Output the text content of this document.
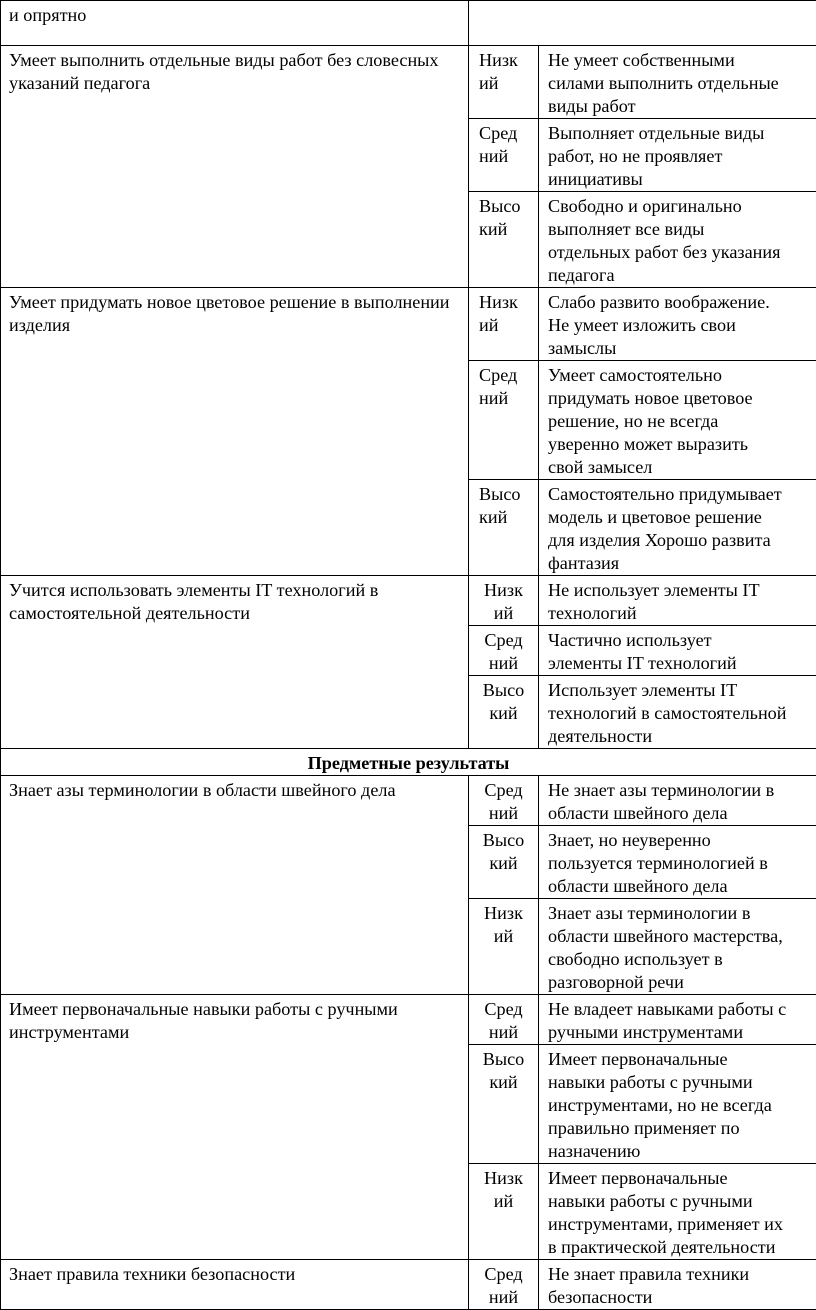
и опрятно		
Умеет выполнить отдельные виды работ без словесных указаний педагога	Низк
ий	Не умеет собственными
силами выполнить отдельные
виды работ

	Сред
ний	Выполняет отдельные виды
работ, но не проявляет
инициативы

	Высо
кий	Свободно и оригинально
выполняет все виды
отдельных работ без указания
педагога

Умеет придумать новое цветовое решение в выполнении изделия	Низк
ий	Слабо развито воображение.
Не умеет изложить свои
замыслы

	Сред
ний	Умеет самостоятельно
придумать новое цветовое
решение, но не всегда
уверенно может выразить
свой замысел

	Высо
кий	Самостоятельно придумывает
модель и цветовое решение
для изделия Хорошо развита
фантазия

Учится использовать элементы IT технологий в самостоятельной деятельности	Низк
ий	Не использует элементы IT
технологий

	Сред
ний	Частично использует
элементы IT технологий

	Высо
кий	Использует элементы IT
технологий в самостоятельной
деятельности

Предметные результаты		
Знает азы терминологии в области швейного дела	Сред
ний	Не знает азы терминологии в
области швейного дела

	Высо
кий	Знает, но неуверенно
пользуется терминологией в
области швейного дела

	Низк
ий	Знает азы терминологии в
области швейного мастерства,
свободно использует в
разговорной речи

Имеет первоначальные навыки работы с ручными инструментами	Сред
ний	Не владеет навыками работы с
ручными инструментами

	Высо
кий	Имеет первоначальные
навыки работы с ручными
инструментами, но не всегда
правильно применяет по
назначению

	Низк
ий	Имеет первоначальные
навыки работы с ручными
инструментами, применяет их
в практической деятельности

Знает правила техники безопасности	Сред
ний	Не знает правила техники
безопасности
